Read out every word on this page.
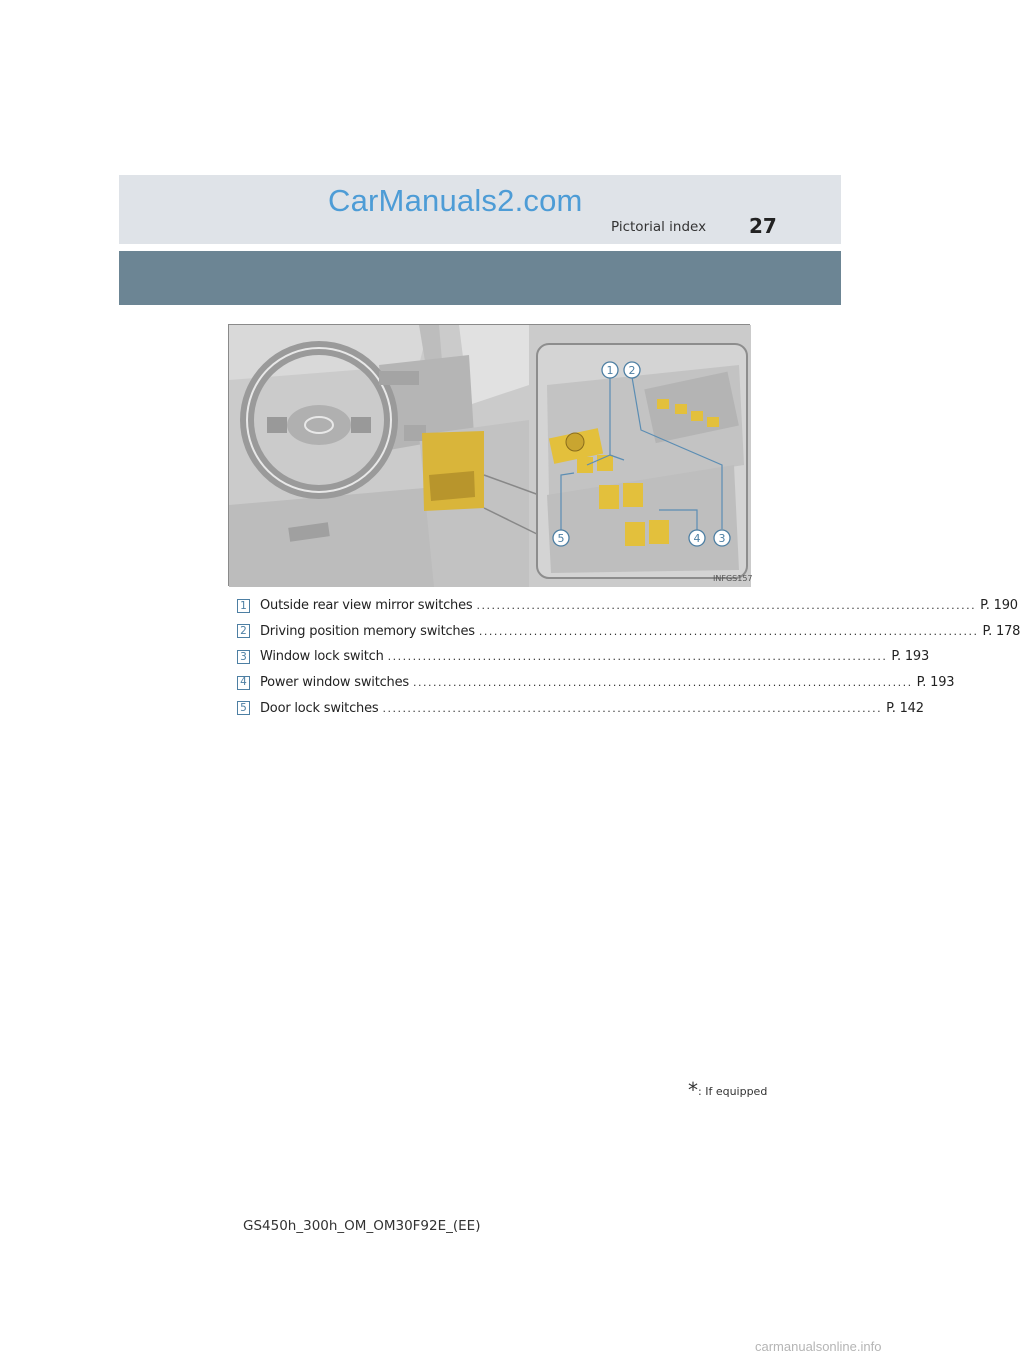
CarManuals2.com
Pictorial index 27
1 2
3
4
5
INFGS157
1 Outside rear view mirror switches .................................................................................................... P. 190
2 Driving position memory switches .................................................................................................... P. 178
3 Window lock switch .................................................................................................... P. 193
4 Power window switches .................................................................................................... P. 193
5 Door lock switches .................................................................................................... P. 142
*: If equipped
GS450h_300h_OM_OM30F92E_(EE)
carmanualsonline.info
